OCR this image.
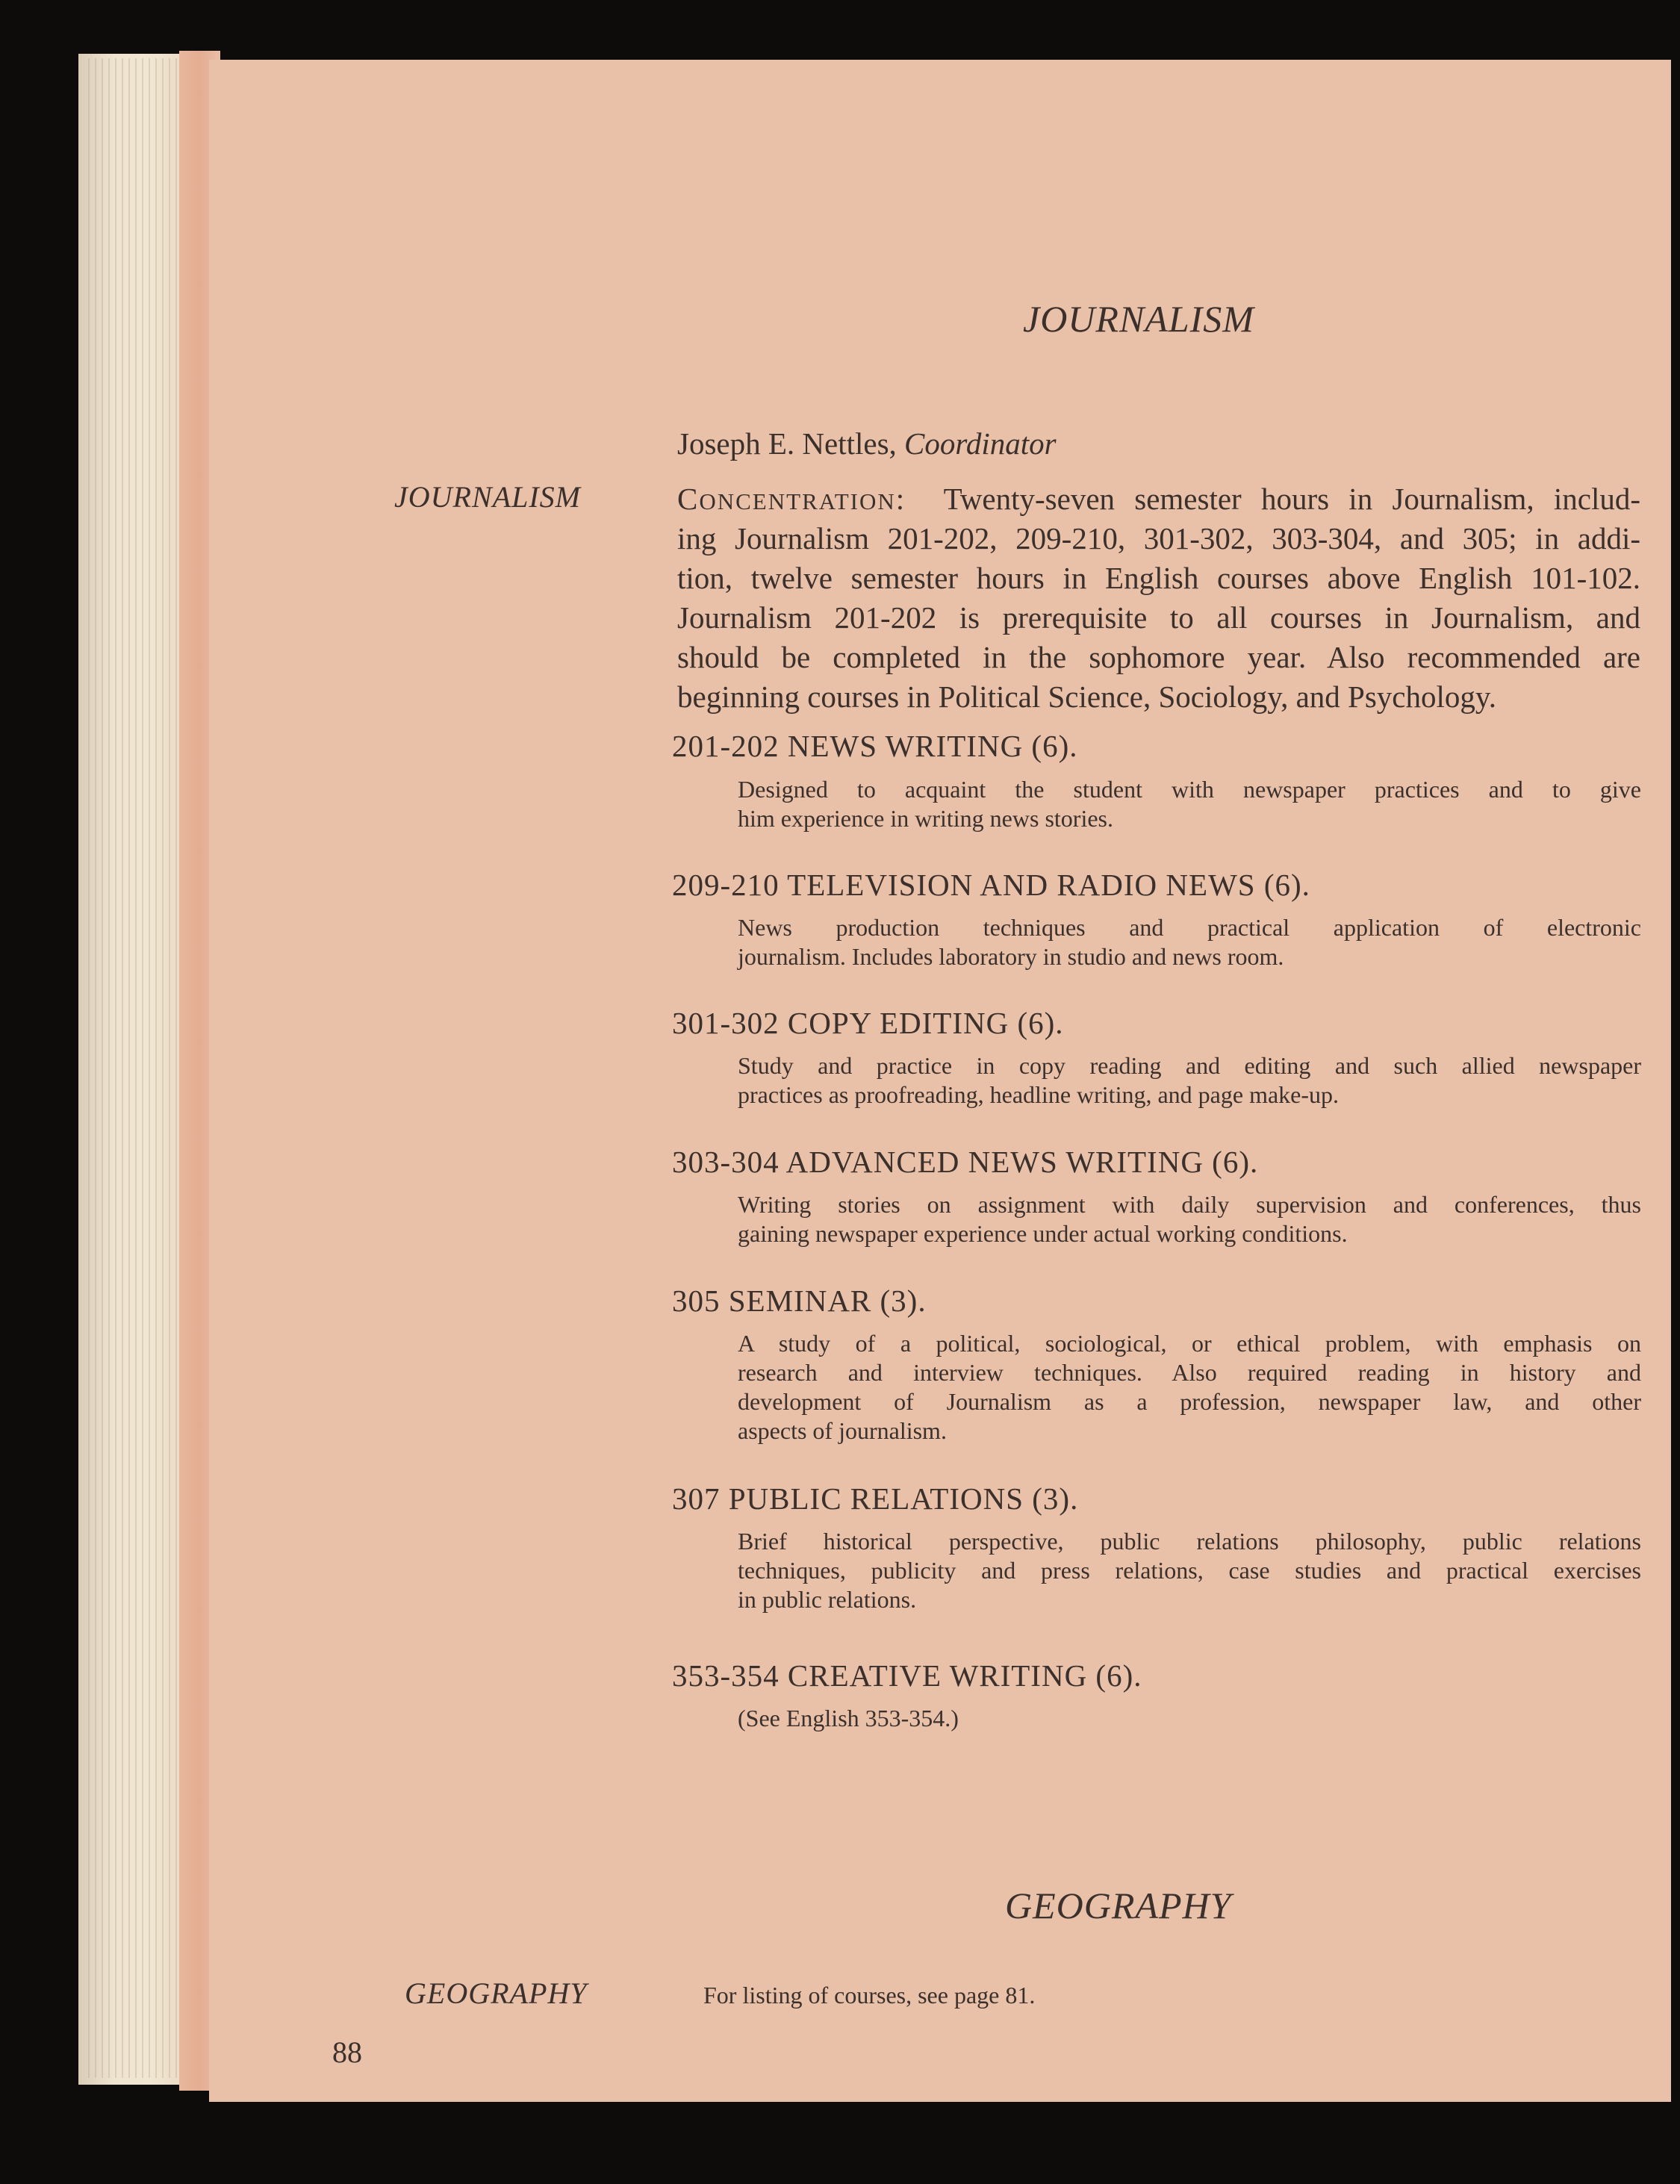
JOURNALISM
Joseph E. Nettles, Coordinator
JOURNALISM	CONCENTRATION: Twenty-seven semester hours in Journalism, includ-
ing Journalism 201-202, 209-210, 301-302, 303-304, and 305; in addi-
tion, twelve semester hours in English courses above English 101-102.
Journalism 201-202 is prerequisite to all courses in Journalism, and
should be completed in the sophomore year. Also recommended are
beginning courses in Political Science, Sociology, and Psychology.
201-202 NEWS WRITING (6).
Designed to acquaint the student with newspaper practices and to give
him experience in writing news stories.
209-210 TELEVISION AND RADIO NEWS (6).
News production techniques and practical application of electronic
journalism. Includes laboratory in studio and news room.
301-302 COPY EDITING (6).
Study and practice in copy reading and editing and such allied newspaper
practices as proofreading, headline writing, and page make-up.
303-304 ADVANCED NEWS WRITING (6).
Writing stories on assignment with daily supervision and conferences, thus
gaining newspaper experience under actual working conditions.
305 SEMINAR (3).
A study of a political, sociological, or ethical problem, with emphasis on
research and interview techniques. Also required reading in history and
development of Journalism as a profession, newspaper law, and other
aspects of journalism.
307 PUBLIC RELATIONS (3).
Brief historical perspective, public relations philosophy, public relations
techniques, publicity and press relations, case studies and practical exercises
in public relations.
353-354 CREATIVE WRITING (6).
(See English 353-354.)
GEOGRAPHY
GEOGRAPHY	For listing of courses, see page 81.
88
